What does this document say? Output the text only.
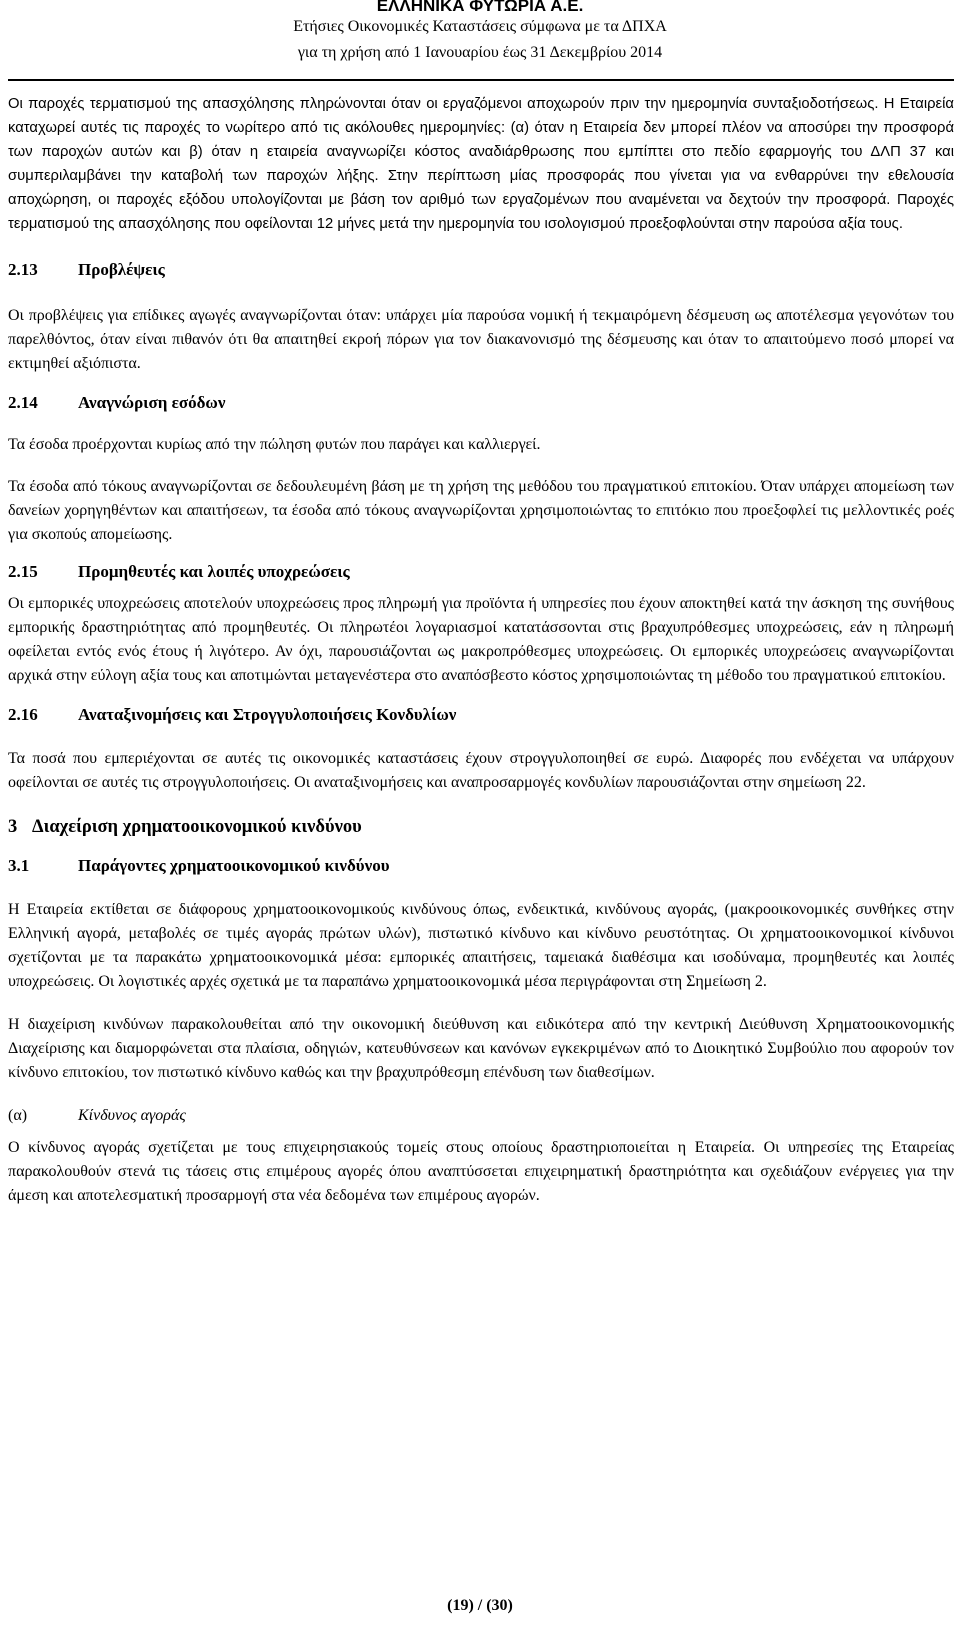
ΕΛΛΗΝΙΚΑ ΦΥΤΩΡΙΑ Α.Ε.
Ετήσιες Οικονομικές Καταστάσεις σύμφωνα με τα ΔΠΧΑ
για τη χρήση από 1 Ιανουαρίου έως 31 Δεκεμβρίου 2014

Οι παροχές τερματισμού της απασχόλησης πληρώνονται όταν οι εργαζόμενοι αποχωρούν πριν την ημερομηνία συνταξιοδοτήσεως. Η Εταιρεία καταχωρεί αυτές τις παροχές το νωρίτερο από τις ακόλουθες ημερομηνίες: (α) όταν η Εταιρεία δεν μπορεί πλέον να αποσύρει την προσφορά των παροχών αυτών και β) όταν η εταιρεία αναγνωρίζει κόστος αναδιάρθρωσης που εμπίπτει στο πεδίο εφαρμογής του ΔΛΠ 37 και συμπεριλαμβάνει την καταβολή των παροχών λήξης. Στην περίπτωση μίας προσφοράς που γίνεται για να ενθαρρύνει την εθελουσία αποχώρηση, οι παροχές εξόδου υπολογίζονται με βάση τον αριθμό των εργαζομένων που αναμένεται να δεχτούν την προσφορά. Παροχές τερματισμού της απασχόλησης που οφείλονται 12 μήνες μετά την ημερομηνία του ισολογισμού προεξοφλούνται στην παρούσα αξία τους.

2.13 Προβλέψεις

Οι προβλέψεις για επίδικες αγωγές αναγνωρίζονται όταν: υπάρχει μία παρούσα νομική ή τεκμαιρόμενη δέσμευση ως αποτέλεσμα γεγονότων του παρελθόντος, όταν είναι πιθανόν ότι θα απαιτηθεί εκροή πόρων για τον διακανονισμό της δέσμευσης και όταν το απαιτούμενο ποσό μπορεί να εκτιμηθεί αξιόπιστα.

2.14 Αναγνώριση εσόδων

Τα έσοδα προέρχονται κυρίως από την πώληση φυτών που παράγει και καλλιεργεί.

Τα έσοδα από τόκους αναγνωρίζονται σε δεδουλευμένη βάση με τη χρήση της μεθόδου του πραγματικού επιτοκίου. Όταν υπάρχει απομείωση των δανείων χορηγηθέντων και απαιτήσεων, τα έσοδα από τόκους αναγνωρίζονται χρησιμοποιώντας το επιτόκιο που προεξοφλεί τις μελλοντικές ροές για σκοπούς απομείωσης.

2.15 Προμηθευτές και λοιπές υποχρεώσεις

Οι εμπορικές υποχρεώσεις αποτελούν υποχρεώσεις προς πληρωμή για προϊόντα ή υπηρεσίες που έχουν αποκτηθεί κατά την άσκηση της συνήθους εμπορικής δραστηριότητας από προμηθευτές. Οι πληρωτέοι λογαριασμοί κατατάσσονται στις βραχυπρόθεσμες υποχρεώσεις, εάν η πληρωμή οφείλεται εντός ενός έτους ή λιγότερο. Αν όχι, παρουσιάζονται ως μακροπρόθεσμες υποχρεώσεις. Οι εμπορικές υποχρεώσεις αναγνωρίζονται αρχικά στην εύλογη αξία τους και αποτιμώνται μεταγενέστερα στο αναπόσβεστο κόστος χρησιμοποιώντας τη μέθοδο του πραγματικού επιτοκίου.

2.16 Αναταξινομήσεις και Στρογγυλοποιήσεις Κονδυλίων

Τα ποσά που εμπεριέχονται σε αυτές τις οικονομικές καταστάσεις έχουν στρογγυλοποιηθεί σε ευρώ. Διαφορές που ενδέχεται να υπάρχουν οφείλονται σε αυτές τις στρογγυλοποιήσεις. Οι αναταξινομήσεις και αναπροσαρμογές κονδυλίων παρουσιάζονται στην σημείωση 22.

3 Διαχείριση χρηματοοικονομικού κινδύνου
3.1	Παράγοντες χρηματοοικονομικού κινδύνου

Η Εταιρεία εκτίθεται σε διάφορους χρηματοοικονομικούς κινδύνους όπως, ενδεικτικά, κινδύνους αγοράς, (μακροοικονομικές συνθήκες στην Ελληνική αγορά, μεταβολές σε τιμές αγοράς πρώτων υλών), πιστωτικό κίνδυνο και κίνδυνο ρευστότητας. Οι χρηματοοικονομικοί κίνδυνοι σχετίζονται με τα παρακάτω χρηματοοικονομικά μέσα: εμπορικές απαιτήσεις, ταμειακά διαθέσιμα και ισοδύναμα, προμηθευτές και λοιπές υποχρεώσεις. Οι λογιστικές αρχές σχετικά με τα παραπάνω χρηματοοικονομικά μέσα περιγράφονται στη Σημείωση 2.

Η διαχείριση κινδύνων παρακολουθείται από την οικονομική διεύθυνση και ειδικότερα από την κεντρική Διεύθυνση Χρηματοοικονομικής Διαχείρισης και διαμορφώνεται στα πλαίσια, οδηγιών, κατευθύνσεων και κανόνων εγκεκριμένων από το Διοικητικό Συμβούλιο που αφορούν τον κίνδυνο επιτοκίου, τον πιστωτικό κίνδυνο καθώς και την βραχυπρόθεσμη επένδυση των διαθεσίμων.

(α)	Κίνδυνος αγοράς

Ο κίνδυνος αγοράς σχετίζεται με τους επιχειρησιακούς τομείς στους οποίους δραστηριοποιείται η Εταιρεία. Οι υπηρεσίες της Εταιρείας παρακολουθούν στενά τις τάσεις στις επιμέρους αγορές όπου αναπτύσσεται επιχειρηματική δραστηριότητα και σχεδιάζουν ενέργειες για την άμεση και αποτελεσματική προσαρμογή στα νέα δεδομένα των επιμέρους αγορών.

(19) / (30)
